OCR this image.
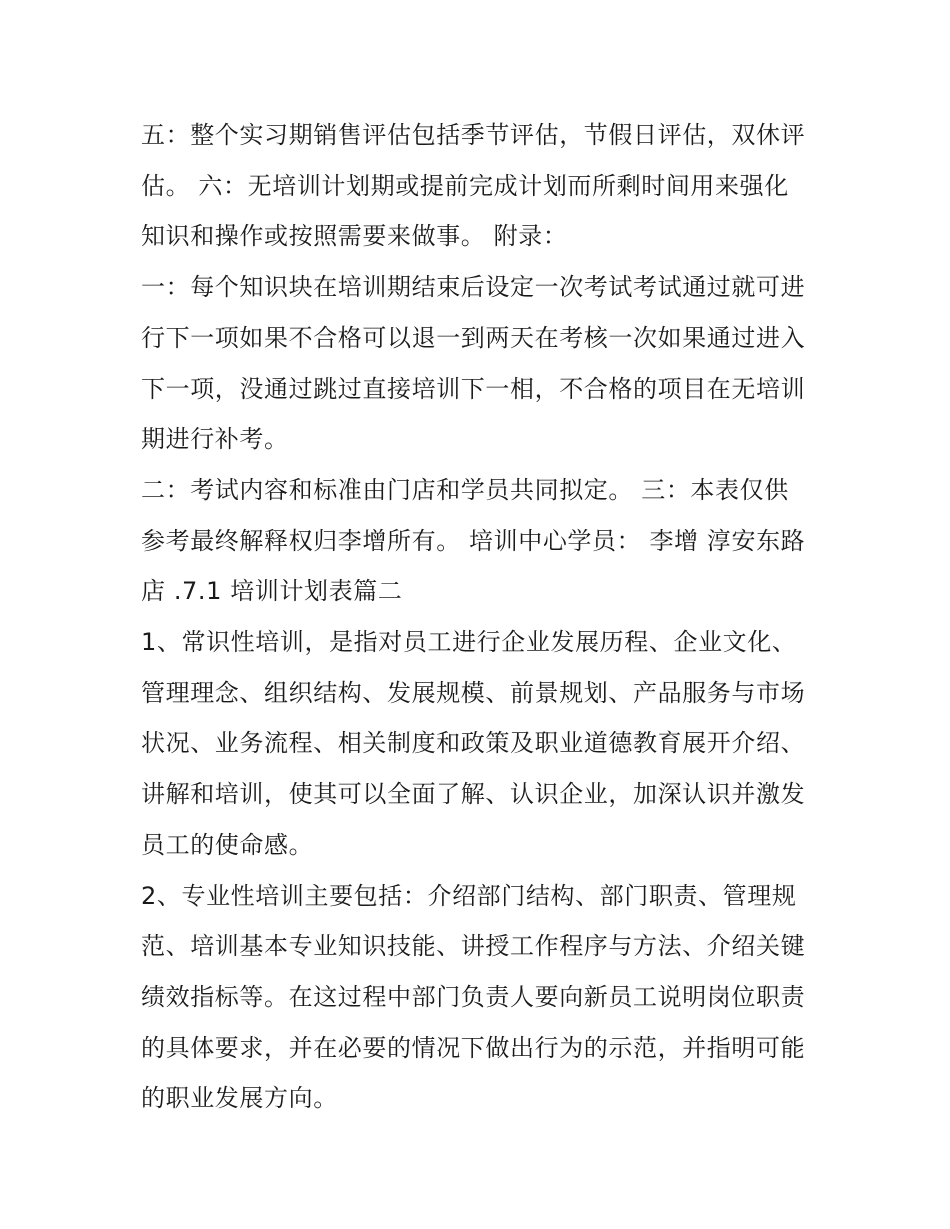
五：整个实习期销售评估包括季节评估，节假日评估，双休评估。 六：无培训计划期或提前完成计划而所剩时间用来强化知识和操作或按照需要来做事。 附录：

一：每个知识块在培训期结束后设定一次考试考试通过就可进行下一项如果不合格可以退一到两天在考核一次如果通过进入下一项，没通过跳过直接培训下一相，不合格的项目在无培训期进行补考。

二：考试内容和标准由门店和学员共同拟定。 三：本表仅供参考最终解释权归李增所有。 培训中心学员： 李增 淳安东路店 .7.1 培训计划表篇二

1、常识性培训，是指对员工进行企业发展历程、企业文化、管理理念、组织结构、发展规模、前景规划、产品服务与市场状况、业务流程、相关制度和政策及职业道德教育展开介绍、讲解和培训，使其可以全面了解、认识企业，加深认识并激发员工的使命感。

2、专业性培训主要包括：介绍部门结构、部门职责、管理规范、培训基本专业知识技能、讲授工作程序与方法、介绍关键绩效指标等。在这过程中部门负责人要向新员工说明岗位职责的具体要求，并在必要的情况下做出行为的示范，并指明可能的职业发展方向。
